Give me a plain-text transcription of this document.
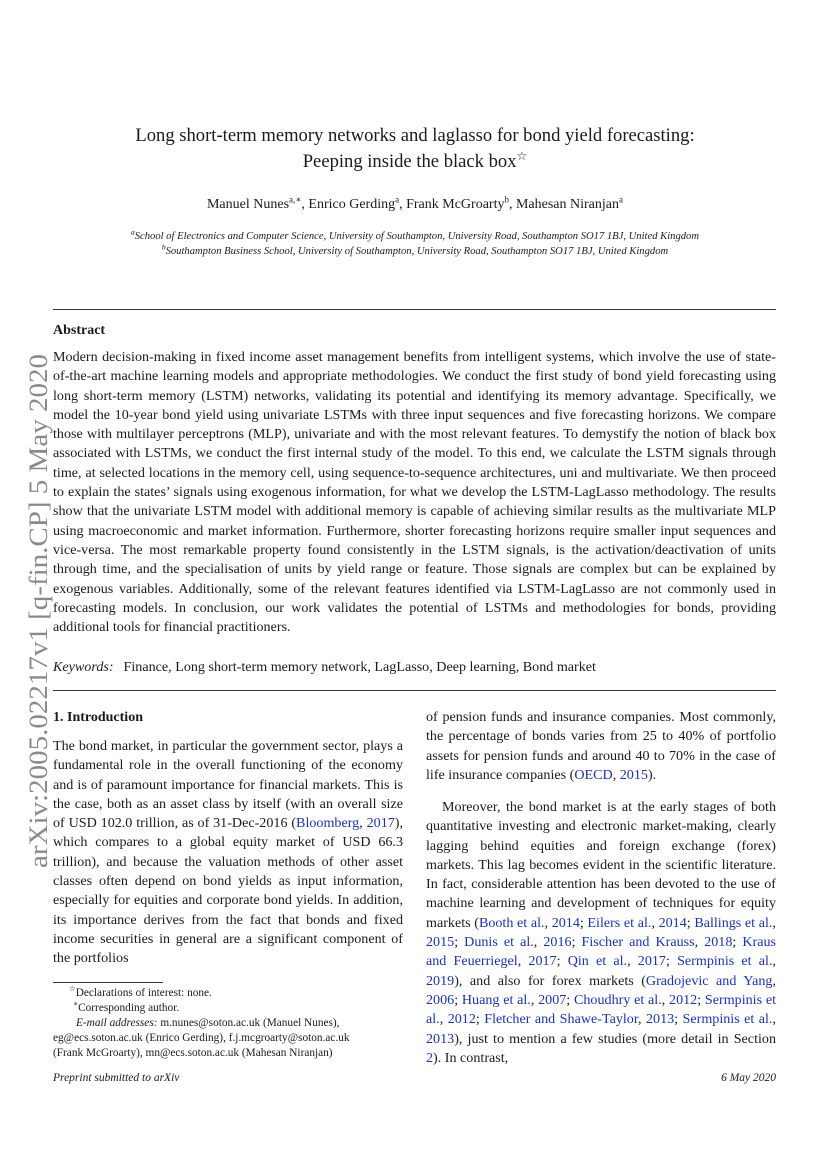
arXiv:2005.02217v1 [q-fin.CP] 5 May 2020
Long short-term memory networks and laglasso for bond yield forecasting:
Peeping inside the black box☆
Manuel Nunes$^{a,∗}$, Enrico Gerding$^a$, Frank McGroarty$^b$, Mahesan Niranjan$^a$
$^a$School of Electronics and Computer Science, University of Southampton, University Road, Southampton SO17 1BJ, United Kingdom
$^b$Southampton Business School, University of Southampton, University Road, Southampton SO17 1BJ, United Kingdom
Abstract
Modern decision-making in fixed income asset management benefits from intelligent systems, which involve the use of state-of-the-art machine learning models and appropriate methodologies. We conduct the first study of bond yield forecasting using long short-term memory (LSTM) networks, validating its potential and identifying its memory advantage. Specifically, we model the 10-year bond yield using univariate LSTMs with three input sequences and five forecasting horizons. We compare those with multilayer perceptrons (MLP), univariate and with the most relevant features. To demystify the notion of black box associated with LSTMs, we conduct the first internal study of the model. To this end, we calculate the LSTM signals through time, at selected locations in the memory cell, using sequence-to-sequence architectures, uni and multivariate. We then proceed to explain the states’ signals using exogenous information, for what we develop the LSTM-LagLasso methodology. The results show that the univariate LSTM model with additional memory is capable of achieving similar results as the multivariate MLP using macroeconomic and market information. Furthermore, shorter forecasting horizons require smaller input sequences and vice-versa. The most remarkable property found consistently in the LSTM signals, is the activation/deactivation of units through time, and the specialisation of units by yield range or feature. Those signals are complex but can be explained by exogenous variables. Additionally, some of the relevant features identified via LSTM-LagLasso are not commonly used in forecasting models. In conclusion, our work validates the potential of LSTMs and methodologies for bonds, providing additional tools for financial practitioners.
Keywords: Finance, Long short-term memory network, LagLasso, Deep learning, Bond market
1. Introduction
The bond market, in particular the government sector, plays a fundamental role in the overall functioning of the economy and is of paramount importance for financial markets. This is the case, both as an asset class by itself (with an overall size of USD 102.0 trillion, as of 31-Dec-2016 (Bloomberg, 2017), which compares to a global equity market of USD 66.3 trillion), and because the valuation methods of other asset classes often depend on bond yields as input information, especially for equities and corporate bond yields. In addition, its importance derives from the fact that bonds and fixed income securities in general are a significant component of the portfolios
of pension funds and insurance companies. Most commonly, the percentage of bonds varies from 25 to 40% of portfolio assets for pension funds and around 40 to 70% in the case of life insurance companies (OECD, 2015).
Moreover, the bond market is at the early stages of both quantitative investing and electronic market-making, clearly lagging behind equities and foreign exchange (forex) markets. This lag becomes evident in the scientific literature. In fact, considerable attention has been devoted to the use of machine learning and development of techniques for equity markets (Booth et al., 2014; Eilers et al., 2014; Ballings et al., 2015; Dunis et al., 2016; Fischer and Krauss, 2018; Kraus and Feuerriegel, 2017; Qin et al., 2017; Sermpinis et al., 2019), and also for forex markets (Gradojevic and Yang, 2006; Huang et al., 2007; Choudhry et al., 2012; Sermpinis et al., 2012; Fletcher and Shawe-Taylor, 2013; Sermpinis et al., 2013), just to mention a few studies (more detail in Section 2). In contrast,
☆Declarations of interest: none.
∗Corresponding author.
E-mail addresses: m.nunes@soton.ac.uk (Manuel Nunes),
eg@ecs.soton.ac.uk (Enrico Gerding), f.j.mcgroarty@soton.ac.uk
(Frank McGroarty), mn@ecs.soton.ac.uk (Mahesan Niranjan)
Preprint submitted to arXiv	6 May 2020
